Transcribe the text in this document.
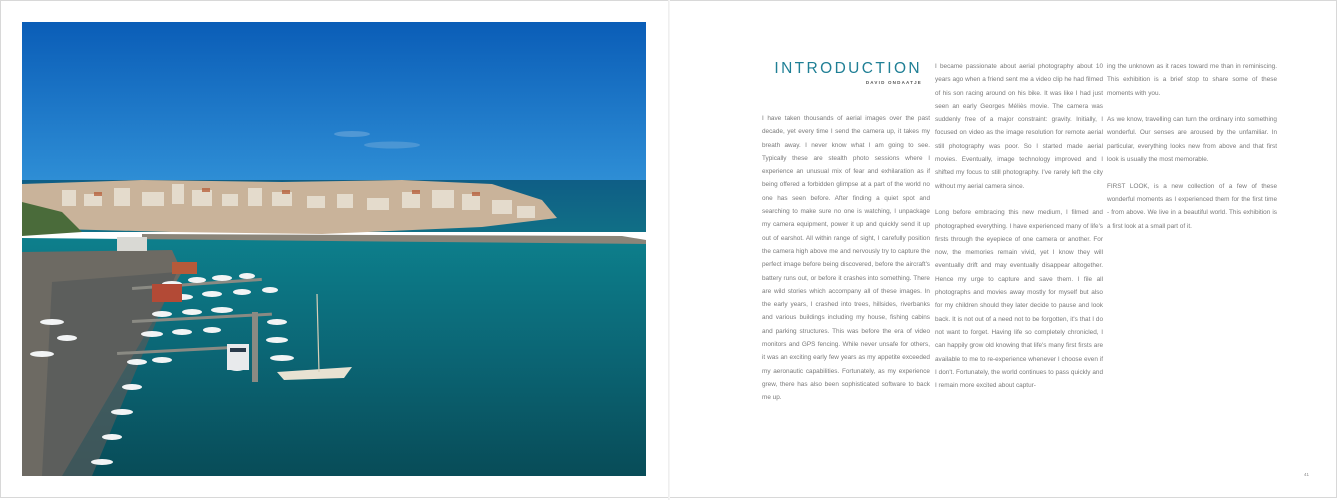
INTRODUCTION
DAVID ONDAATJE

I have taken thousands of aerial images over the past decade, yet every time I send the camera up, it takes my breath away. I never know what I am going to see. Typically these are stealth photo sessions where I experience an unusual mix of fear and exhilaration as if being offered a forbidden glimpse at a part of the world no one has seen before. After finding a quiet spot and searching to make sure no one is watching, I unpackage my camera equipment, power it up and quickly send it up out of earshot. All within range of sight, I carefully position the camera high above me and nervously try to capture the perfect image before being discovered, before the aircraft's battery runs out, or before it crashes into something. There are wild stories which accompany all of these images. In the early years, I crashed into trees, hillsides, riverbanks and various buildings including my house, fishing cabins and parking structures. This was before the era of video monitors and GPS fencing. While never unsafe for others, it was an exciting early few years as my appetite exceeded my aeronautic capabilities. Fortunately, as my experience grew, there has also been sophisticated software to back me up.

I became passionate about aerial photography about 10 years ago when a friend sent me a video clip he had filmed of his son racing around on his bike. It was like I had just seen an early Georges Méliès movie. The camera was suddenly free of a major constraint: gravity. Initially, I focused on video as the image resolution for remote aerial still photography was poor. So I started made aerial movies. Eventually, image technology improved and I shifted my focus to still photography. I've rarely left the city without my aerial camera since.

Long before embracing this new medium, I filmed and photographed everything. I have experienced many of life's firsts through the eyepiece of one camera or another. For now, the memories remain vivid, yet I know they will eventually drift and may eventually disappear altogether. Hence my urge to capture and save them. I file all photographs and movies away mostly for myself but also for my children should they later decide to pause and look back. It is not out of a need not to be forgotten, it's that I do not want to forget. Having life so completely chronicled, I can happily grow old knowing that life's many first firsts are available to me to re-experience whenever I choose even if I don't. Fortunately, the world continues to pass quickly and I remain more excited about captur-

ing the unknown as it races toward me than in reminiscing. This exhibition is a brief stop to share some of these moments with you.

As we know, travelling can turn the ordinary into something wonderful. Our senses are aroused by the unfamiliar. In particular, everything looks new from above and that first look is usually the most memorable.

FIRST LOOK, is a new collection of a few of these wonderful moments as I experienced them for the first time - from above. We live in a beautiful world. This exhibition is a first look at a small part of it.

41
